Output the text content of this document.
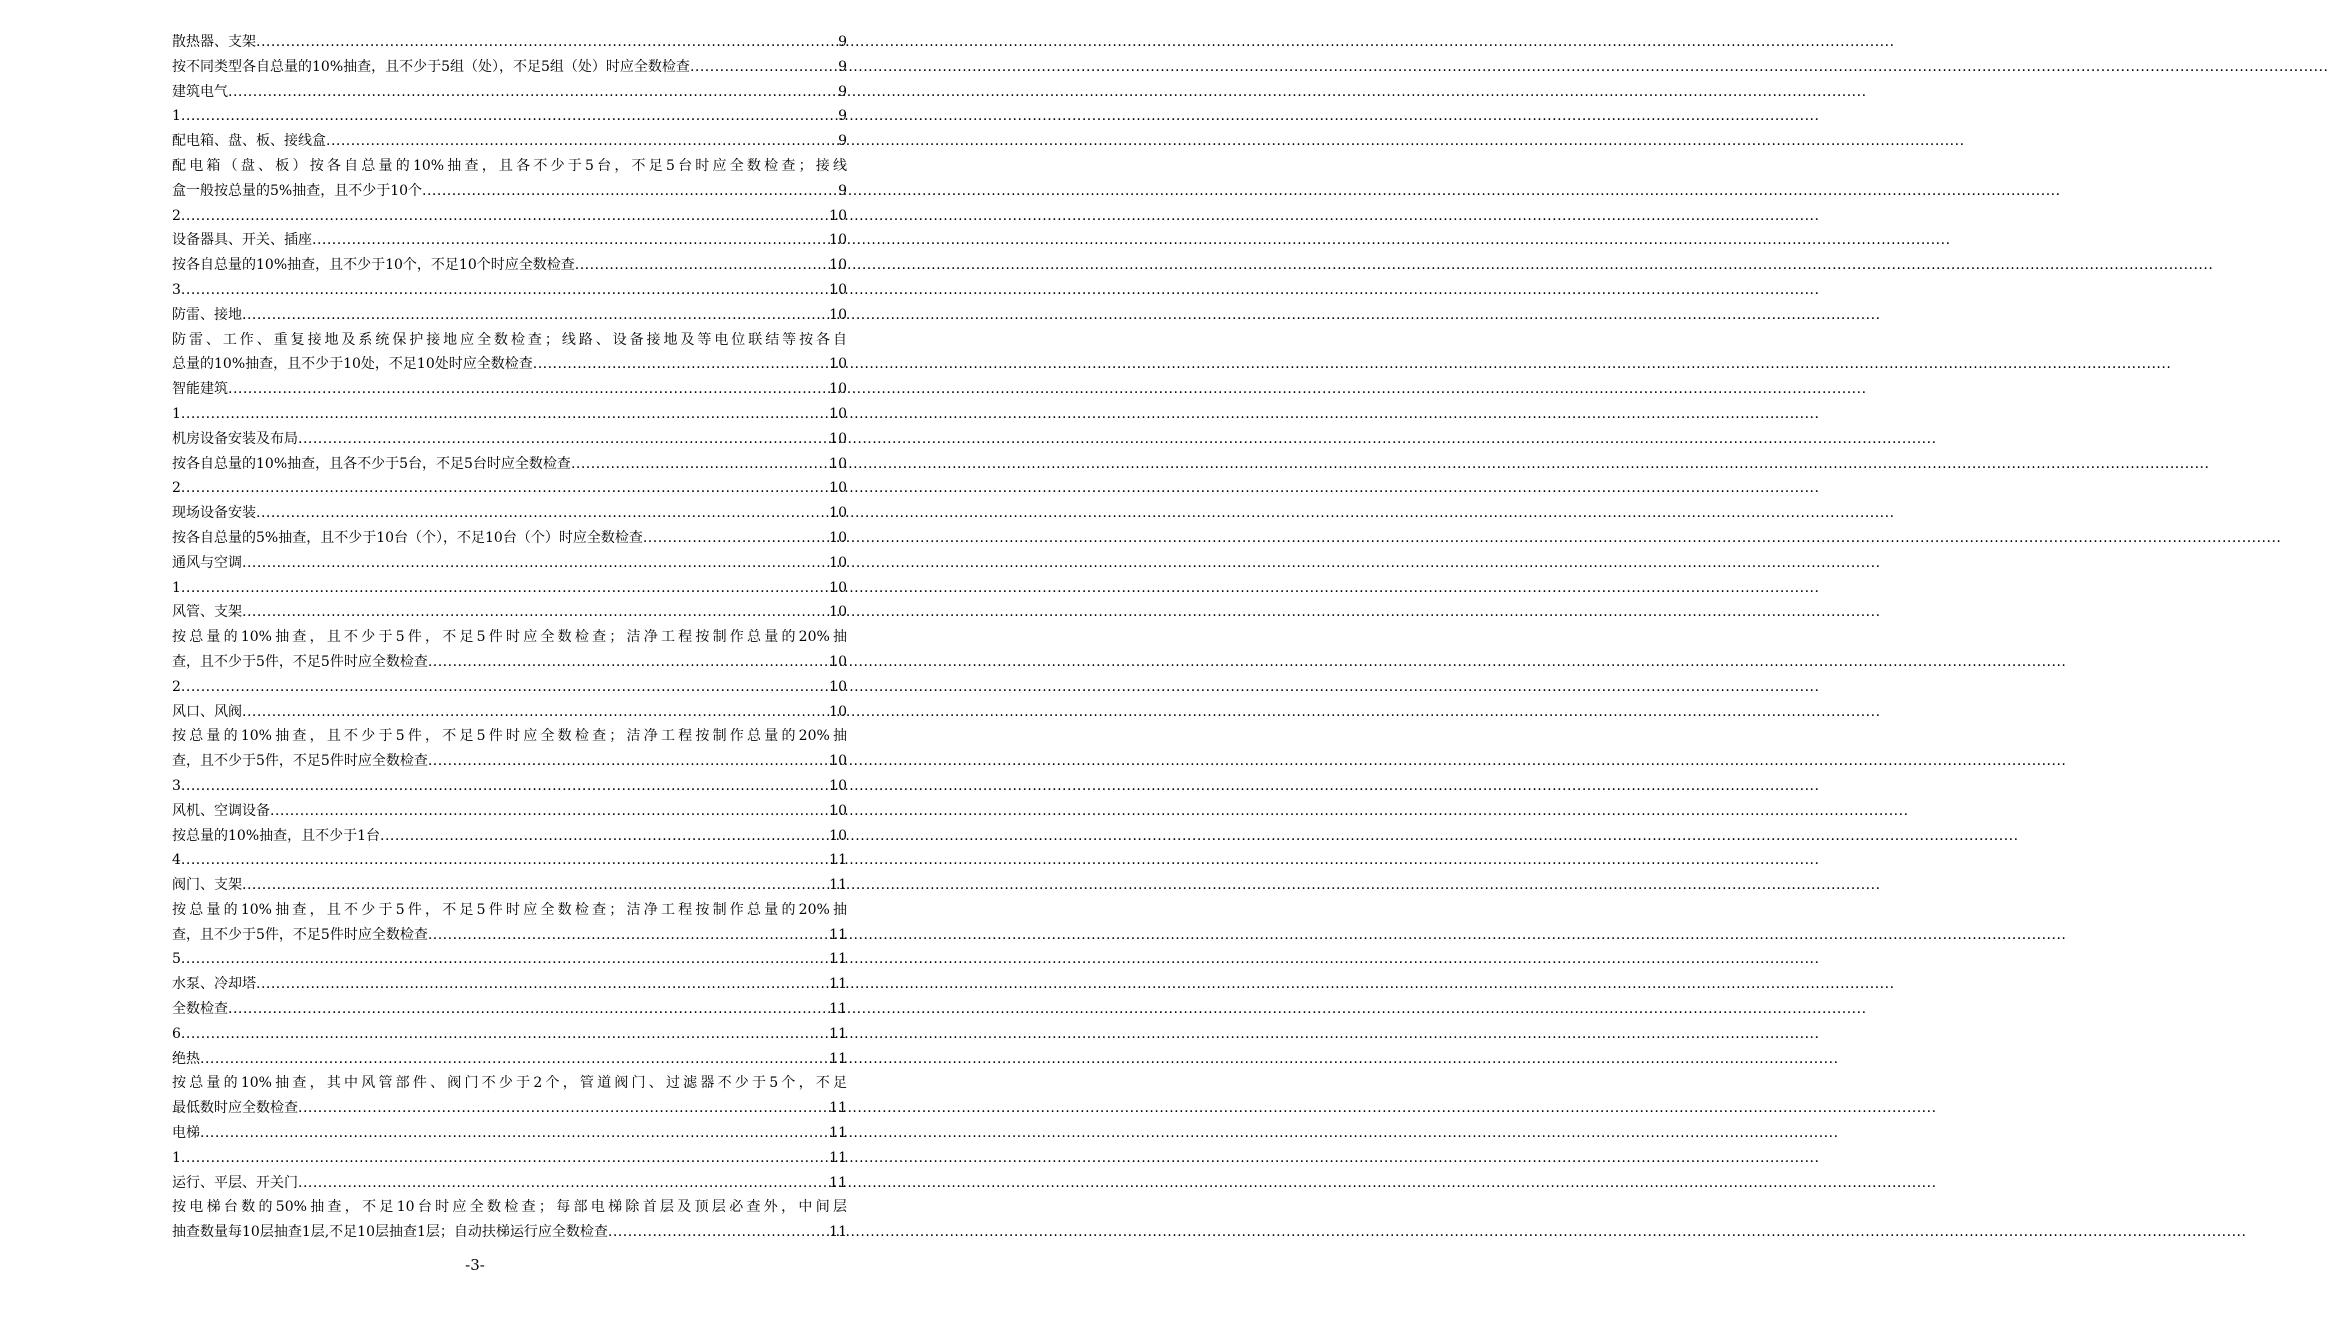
散热器、支架 .....	9
按不同类型各自总量的10%抽查，且不少于5组（处），不足5组（处）时应全数检查 .....	9
建筑电气 .....	9
1 .....	9
配电箱、盘、板、接线盒 .....	9
配电箱（盘、板）按各自总量的10%抽查，且各不少于5台，不足5台时应全数检查；接线
盒一般按总量的5%抽查，且不少于10个 .....	9
2 .....	10
设备器具、开关、插座 .....	10
按各自总量的10%抽查，且不少于10个，不足10个时应全数检查 .....	10
3 .....	10
防雷、接地 .....	10
防雷、工作、重复接地及系统保护接地应全数检查；线路、设备接地及等电位联结等按各自
总量的10%抽查，且不少于10处，不足10处时应全数检查 .....	10
智能建筑 .....	10
1 .....	10
机房设备安装及布局 .....	10
按各自总量的10%抽查，且各不少于5台，不足5台时应全数检查 .....	10
2 .....	10
现场设备安装 .....	10
按各自总量的5%抽查，且不少于10台（个），不足10台（个）时应全数检查 .....	10
通风与空调 .....	10
1 .....	10
风管、支架 .....	10
按总量的10%抽查，且不少于5件，不足5件时应全数检查；洁净工程按制作总量的20%抽
查，且不少于5件，不足5件时应全数检查 .....	10
2 .....	10
风口、风阀 .....	10
按总量的10%抽查，且不少于5件，不足5件时应全数检查；洁净工程按制作总量的20%抽
查，且不少于5件，不足5件时应全数检查 .....	10
3 .....	10
风机、空调设备 .....	10
按总量的10%抽查，且不少于1台 .....	10
4 .....	11
阀门、支架 .....	11
按总量的10%抽查，且不少于5件，不足5件时应全数检查；洁净工程按制作总量的20%抽
查，且不少于5件，不足5件时应全数检查 .....	11
5 .....	11
水泵、冷却塔 .....	11
全数检查 .....	11
6 .....	11
绝热 .....	11
按总量的10%抽查，其中风管部件、阀门不少于2个，管道阀门、过滤器不少于5个，不足
最低数时应全数检查 .....	11
电梯 .....	11
1 .....	11
运行、平层、开关门 .....	11
按电梯台数的50%抽查，不足10台时应全数检查；每部电梯除首层及顶层必查外，中间层
抽查数量每10层抽查1层,不足10层抽查1层；自动扶梯运行应全数检查 .....	11
-3-
